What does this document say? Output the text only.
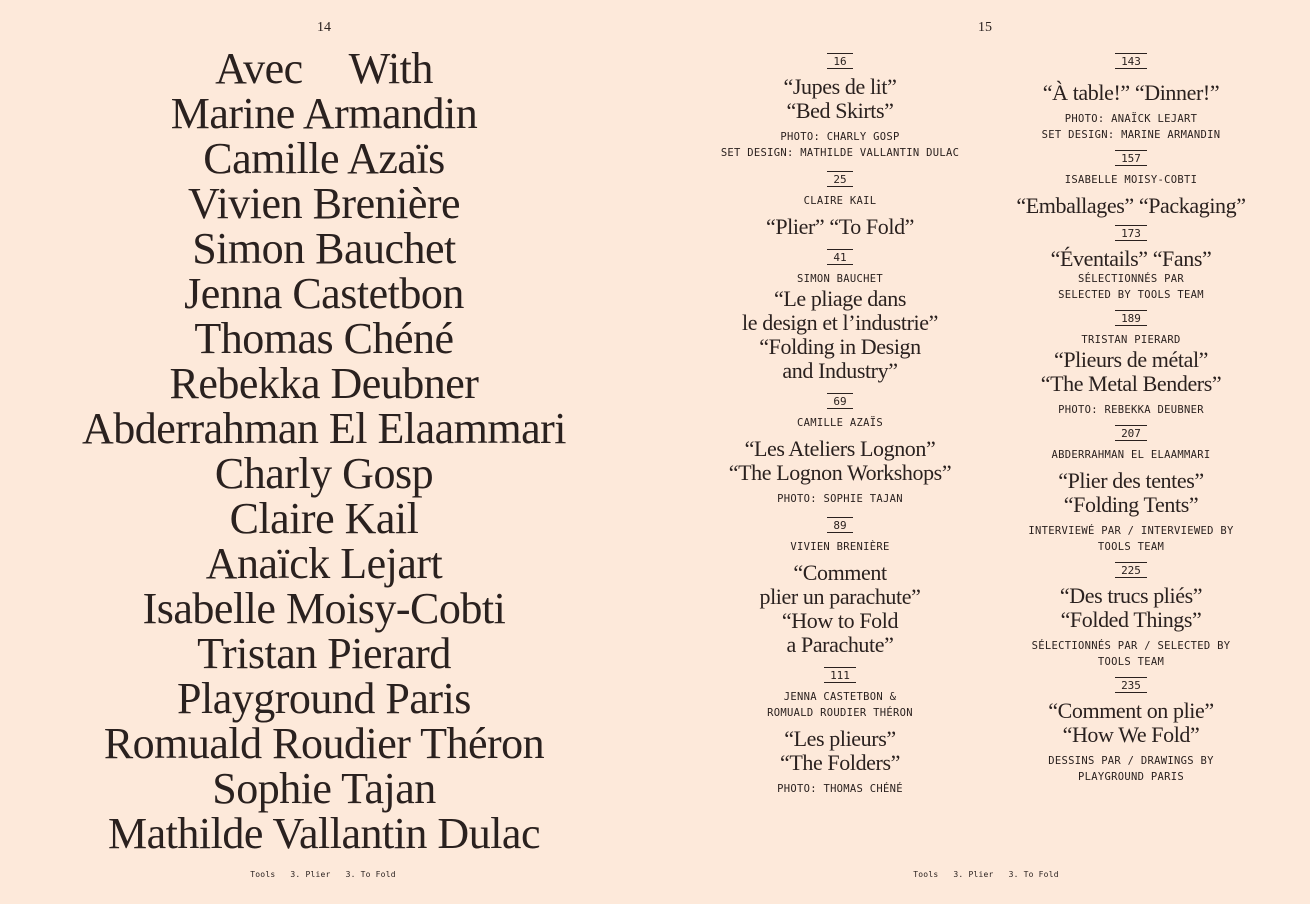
14
Avec With
Marine Armandin
Camille Azaïs
Vivien Brenière
Simon Bauchet
Jenna Castetbon
Thomas Chéné
Rebekka Deubner
Abderrahman El Elaammari
Charly Gosp
Claire Kail
Anaïck Lejart
Isabelle Moisy-Cobti
Tristan Pierard
Playground Paris
Romuald Roudier Théron
Sophie Tajan
Mathilde Vallantin Dulac
Tools 3. Plier 3. To Fold
15
16
“Jupes de lit”
“Bed Skirts”
PHOTO: CHARLY GOSP
SET DESIGN: MATHILDE VALLANTIN DULAC
25
CLAIRE KAIL
“Plier” “To Fold”
41
SIMON BAUCHET
“Le pliage dans
le design et l’industrie”
“Folding in Design
and Industry”
69
CAMILLE AZAÏS
“Les Ateliers Lognon”
“The Lognon Workshops”
PHOTO: SOPHIE TAJAN
89
VIVIEN BRENIÈRE
“Comment
plier un parachute”
“How to Fold
a Parachute”
111
JENNA CASTETBON &
ROMUALD ROUDIER THÉRON
“Les plieurs”
“The Folders”
PHOTO: THOMAS CHÉNÉ
143
“À table!” “Dinner!”
PHOTO: ANAÏCK LEJART
SET DESIGN: MARINE ARMANDIN
157
ISABELLE MOISY-COBTI
“Emballages” “Packaging”
173
“Éventails” “Fans”
SÉLECTIONNÉS PAR
SELECTED BY TOOLS TEAM
189
TRISTAN PIERARD
“Plieurs de métal”
“The Metal Benders”
PHOTO: REBEKKA DEUBNER
207
ABDERRAHMAN EL ELAAMMARI
“Plier des tentes”
“Folding Tents”
INTERVIEWÉ PAR / INTERVIEWED BY
TOOLS TEAM
225
“Des trucs pliés”
“Folded Things”
SÉLECTIONNÉS PAR / SELECTED BY
TOOLS TEAM
235
“Comment on plie”
“How We Fold”
DESSINS PAR / DRAWINGS BY
PLAYGROUND PARIS
Tools 3. Plier 3. To Fold
